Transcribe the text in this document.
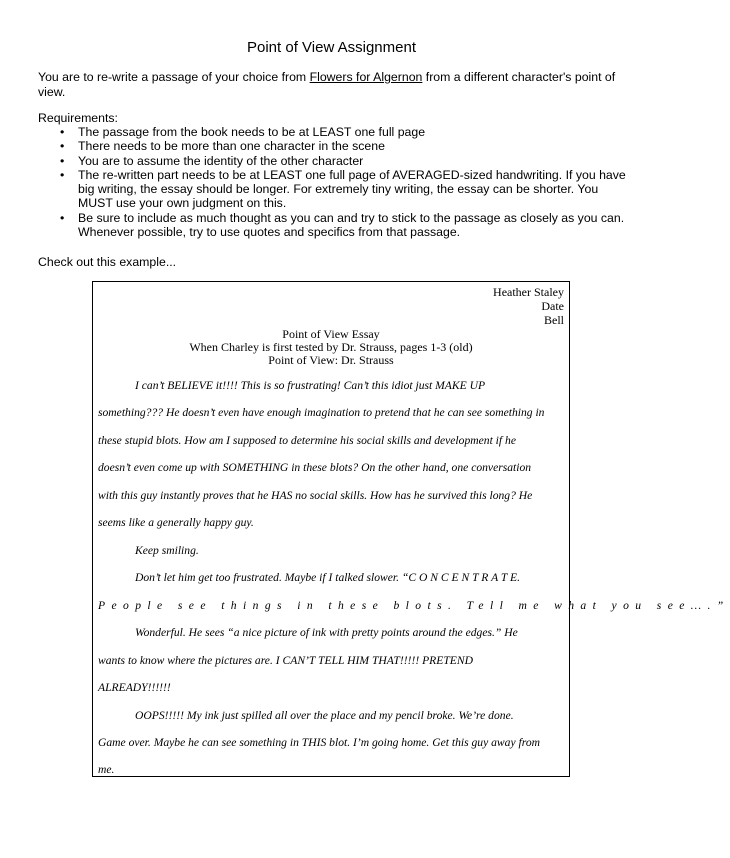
Point of View Assignment
You are to re-write a passage of your choice from Flowers for Algernon from a different character's point of view.
Requirements:
• The passage from the book needs to be at LEAST one full page
• There needs to be more than one character in the scene
• You are to assume the identity of the other character
• The re-written part needs to be at LEAST one full page of AVERAGED-sized handwriting. If you have big writing, the essay should be longer. For extremely tiny writing, the essay can be shorter. You MUST use your own judgment on this.
• Be sure to include as much thought as you can and try to stick to the passage as closely as you can. Whenever possible, try to use quotes and specifics from that passage.
Check out this example...
Heather Staley
Date
Bell
Point of View Essay
When Charley is first tested by Dr. Strauss, pages 1-3 (old)
Point of View: Dr. Strauss
I can’t BELIEVE it!!!! This is so frustrating! Can’t this idiot just MAKE UP
something??? He doesn’t even have enough imagination to pretend that he can see something in
these stupid blots. How am I supposed to determine his social skills and development if he
doesn’t even come up with SOMETHING in these blots? On the other hand, one conversation
with this guy instantly proves that he HAS no social skills. How has he survived this long? He
seems like a generally happy guy.
Keep smiling.
Don’t let him get too frustrated. Maybe if I talked slower. “C O N C E N T R A T E.
People see things in these blots. Tell me what you see….”
Wonderful. He sees “a nice picture of ink with pretty points around the edges.” He
wants to know where the pictures are. I CAN’T TELL HIM THAT!!!!! PRETEND
ALREADY!!!!!!
OOPS!!!!! My ink just spilled all over the place and my pencil broke. We’re done.
Game over. Maybe he can see something in THIS blot. I’m going home. Get this guy away from
me.
